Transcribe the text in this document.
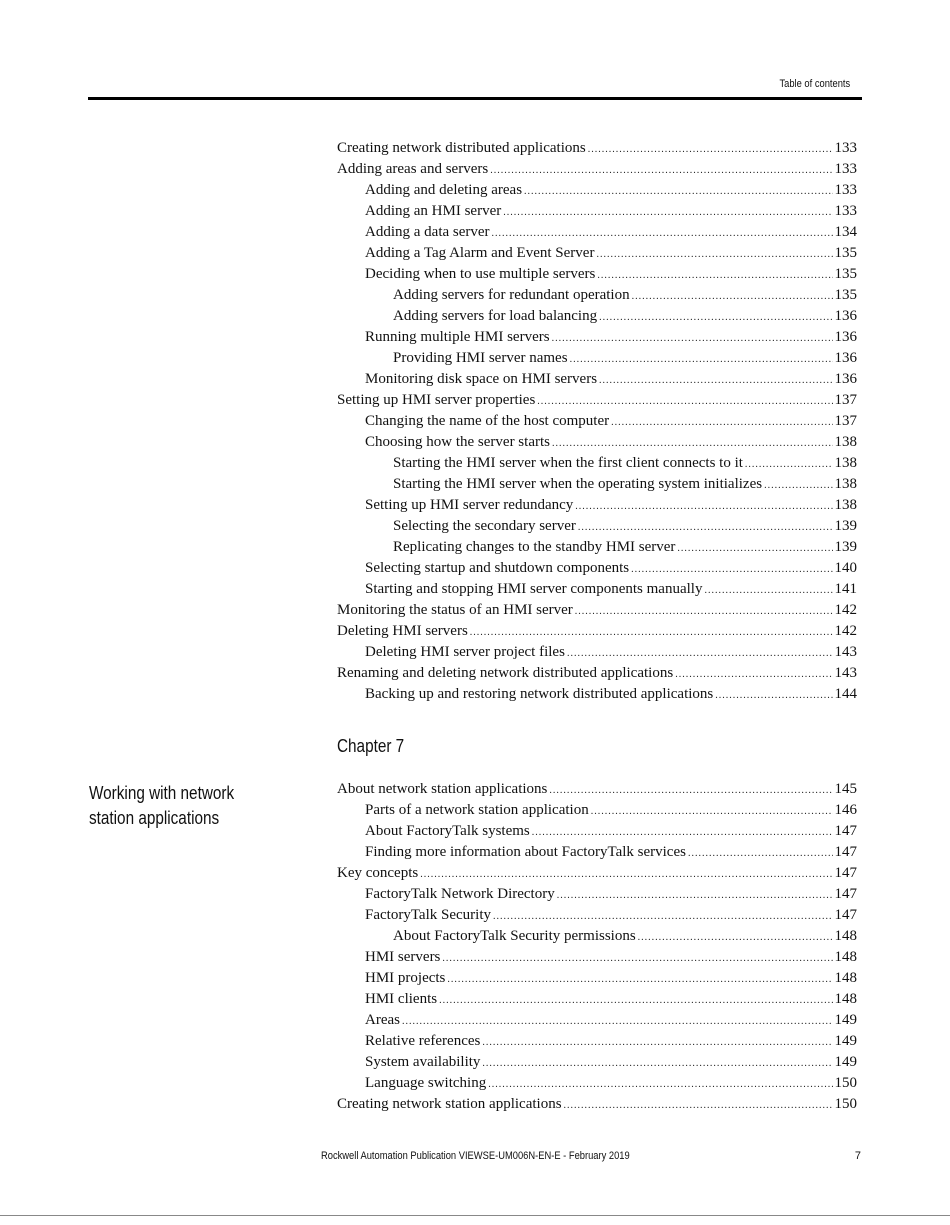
Table of contents
Creating network distributed applications .....	133
Adding areas and servers .....	133
Adding and deleting areas .....	133
Adding an HMI server .....	133
Adding a data server .....	134
Adding a Tag Alarm and Event Server .....	135
Deciding when to use multiple servers .....	135
Adding servers for redundant operation .....	135
Adding servers for load balancing .....	136
Running multiple HMI servers .....	136
Providing HMI server names .....	136
Monitoring disk space on HMI servers .....	136
Setting up HMI server properties .....	137
Changing the name of the host computer .....	137
Choosing how the server starts .....	138
Starting the HMI server when the first client connects to it .....	138
Starting the HMI server when the operating system initializes .....	138
Setting up HMI server redundancy .....	138
Selecting the secondary server .....	139
Replicating changes to the standby HMI server .....	139
Selecting startup and shutdown components .....	140
Starting and stopping HMI server components manually .....	141
Monitoring the status of an HMI server .....	142
Deleting HMI servers .....	142
Deleting HMI server project files .....	143
Renaming and deleting network distributed applications .....	143
Backing up and restoring network distributed applications .....	144
Chapter 7
Working with network
station applications
About network station applications .....	145
Parts of a network station application .....	146
About FactoryTalk systems .....	147
Finding more information about FactoryTalk services .....	147
Key concepts .....	147
FactoryTalk Network Directory .....	147
FactoryTalk Security .....	147
About FactoryTalk Security permissions .....	148
HMI servers .....	148
HMI projects .....	148
HMI clients .....	148
Areas .....	149
Relative references .....	149
System availability .....	149
Language switching .....	150
Creating network station applications .....	150
Rockwell Automation Publication VIEWSE-UM006N-EN-E - February 2019	7
